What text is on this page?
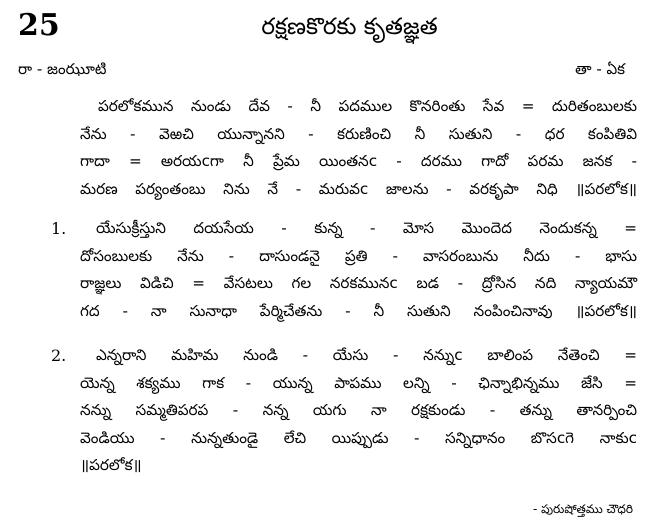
25	రక్షణకొరకు కృతజ్ఞత
రా - జంఝూటి	తా - ఏక
పరలోకమున నుండు దేవ - నీ పదముల కొనరింతు సేవ = దురితంబులకు
నేను - వెఱచి యున్నానని - కరుణించి నీ సుతుని - ధర కంపితివి
గాదా = అరయcగా నీ ప్రేమ యింతనc - దరము గాదో పరమ జనక -
మరణ పర్యంతంబు నిను నే - మరువc జాలను - వరకృపా నిధి ॥పరలోక॥
1.	యేసుక్రీస్తుని దయసేయ - కున్న - మోస మొందెద నెందుకన్న =
దోసంబులకు నేను - దాసుండనై ప్రతి - వాసరంబును నీదు - భాసు
రాజ్ఞలు విడిచి = వేసటలు గల నరకమునc బడ - ద్రోసిన నది న్యాయమౌ
గద - నా సునాధా పేర్మిచేతను - నీ సుతుని నంపించినావు ॥పరలోక॥
2.	ఎన్నరాని మహిమ నుండి - యేసు - నన్నుc బాలింప నేతెంచి =
యెన్న శక్యము గాక - యున్న పాపము లన్ని - ఛిన్నాభిన్నము జేసి =
నన్ను సమ్మతిపరప - నన్న యగు నా రక్షకుండు - తన్ను తానర్పించి
వెండియు - నున్నతుండై లేచి యిప్పుడు - సన్నిధానం బొసcగె నాకుc
॥పరలోక॥
- పురుషోత్తము చౌధరి
